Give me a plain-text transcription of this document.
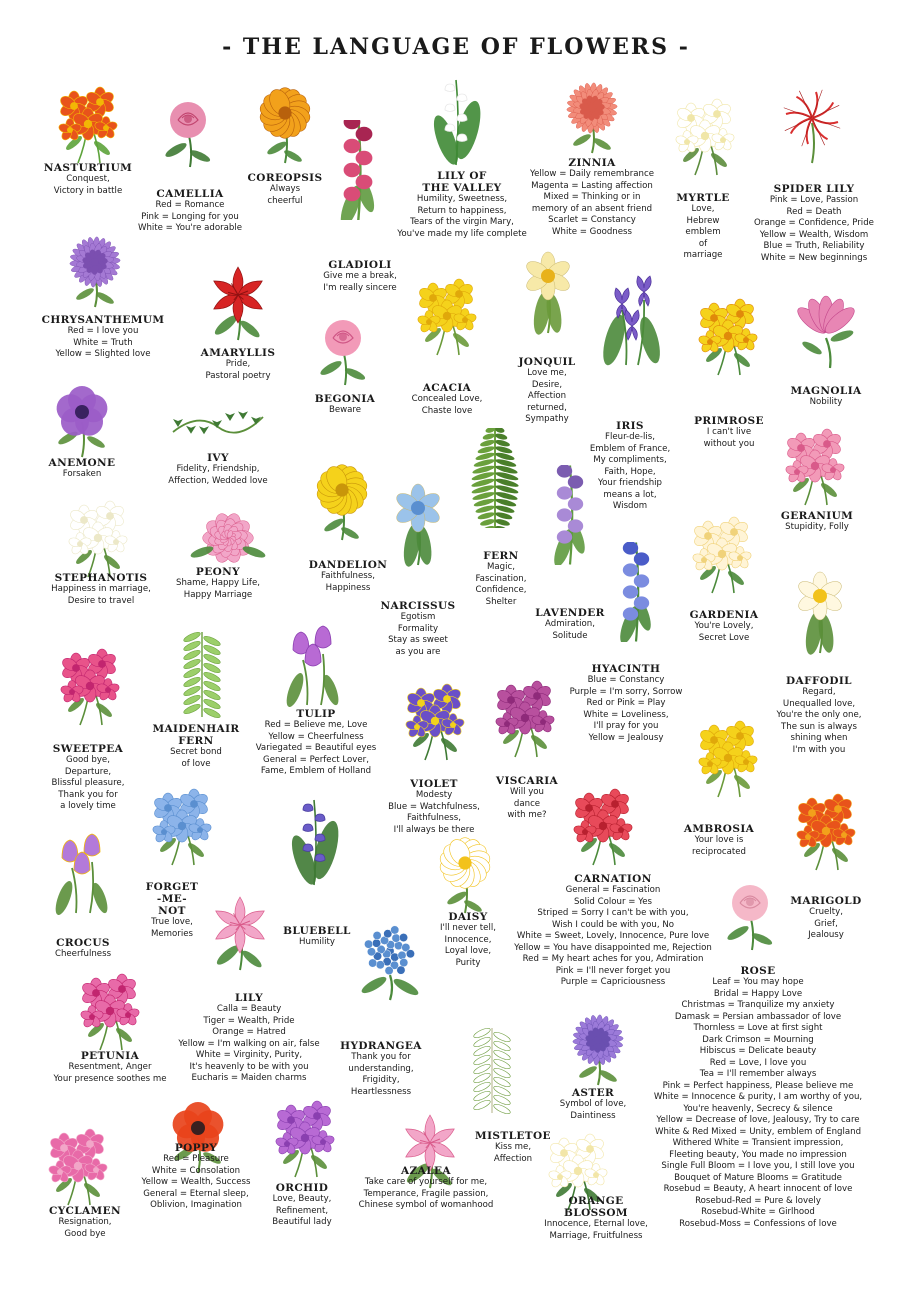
- THE LANGUAGE OF FLOWERS -
NASTURTIUM
Conquest,
Victory in battle	CAMELLIA
Red = Romance
Pink = Longing for you
White = You're adorable
COREOPSIS
Always
cheerful
GLADIOLI
Give me a break,
I'm really sincere
LILY OF
THE VALLEY
Humility, Sweetness,
Return to happiness,
Tears of the virgin Mary,
You've made my life complete
ZINNIA
Yellow = Daily remembrance
Magenta = Lasting affection
Mixed = Thinking or in
memory of an absent friend
Scarlet = Constancy
White = Goodness
MYRTLE
Love,
Hebrew
emblem
of
marriage
SPIDER LILY
Pink = Love, Passion
Red = Death
Orange = Confidence, Pride
Yellow = Wealth, Wisdom
Blue = Truth, Reliability
White = New beginnings
CHRYSANTHEMUM
Red = I love you
White = Truth
Yellow = Slighted love	AMARYLLIS
Pride,
Pastoral poetry
BEGONIA
Beware
ACACIA
Concealed Love,
Chaste love
JONQUIL
Love me,
Desire,
Affection
returned,
Sympathy
IRIS
Fleur-de-lis,
Emblem of France,
My compliments,
Faith, Hope,
Your friendship
means a lot,
Wisdom
PRIMROSE
I can't live
without you
MAGNOLIA
Nobility
ANEMONE
Forsaken
IVY
Fidelity, Friendship,
Affection, Wedded love
DANDELION
Faithfulness,
Happiness
NARCISSUS
Egotism
Formality
Stay as sweet
as you are
FERN
Magic,
Fascination,
Confidence,
Shelter
LAVENDER
Admiration,
Solitude
GARDENIA
You're Lovely,
Secret Love
GERANIUM
Stupidity, Folly
STEPHANOTIS
Happiness in marriage,
Desire to travel
PEONY
Shame, Happy Life,
Happy Marriage
HYACINTH
Blue = Constancy
Purple = I'm sorry, Sorrow
Red or Pink = Play
White = Loveliness,
I'll pray for you
Yellow = Jealousy
DAFFODIL
Regard,
Unequalled love,
You're the only one,
The sun is always
shining when
I'm with you
SWEETPEA
Good bye,
Departure,
Blissful pleasure,
Thank you for
a lovely time
MAIDENHAIR
FERN
Secret bond
of love
TULIP
Red = Believe me, Love
Yellow = Cheerfulness
Variegated = Beautiful eyes
General = Perfect Lover,
Fame, Emblem of Holland
VIOLET
Modesty
Blue = Watchfulness,
Faithfulness,
I'll always be there
VISCARIA
Will you
dance
with me?
AMBROSIA
Your love is
reciprocated
FORGET
-ME-
NOT
True love,
Memories
CROCUS
Cheerfulness
BLUEBELL
Humility
DAISY
I'll never tell,
Innocence,
Loyal love,
Purity
CARNATION
General = Fascination
Solid Colour = Yes
Striped = Sorry I can't be with you,
Wish I could be with you, No
White = Sweet, Lovely, Innocence, Pure love
Yellow = You have disappointed me, Rejection
Red = My heart aches for you, Admiration
Pink = I'll never forget you
Purple = Capriciousness
MARIGOLD
Cruelty,
Grief,
Jealousy
LILY
Calla = Beauty
Tiger = Wealth, Pride
Orange = Hatred
Yellow = I'm walking on air, false
White = Virginity, Purity,
It's heavenly to be with you
Eucharis = Maiden charms
PETUNIA
Resentment, Anger
Your presence soothes me
HYDRANGEA
Thank you for
understanding,
Frigidity,
Heartlessness	ASTER
Symbol of love,
Daintiness
ROSE
Leaf = You may hope
Bridal = Happy Love
Christmas = Tranquilize my anxiety
Damask = Persian ambassador of love
Thornless = Love at first sight
Dark Crimson = Mourning
Hibiscus = Delicate beauty
Red = Love, I love you
Tea = I'll remember always
Pink = Perfect happiness, Please believe me
White = Innocence & purity, I am worthy of you,
You're heavenly, Secrecy & silence
Yellow = Decrease of love, Jealousy, Try to care
White & Red Mixed = Unity, emblem of England
Withered White = Transient impression,
Fleeting beauty, You made no impression
Single Full Bloom = I love you, I still love you
Bouquet of Mature Blooms = Gratitude
Rosebud = Beauty, A heart innocent of love
Rosebud-Red = Pure & lovely
Rosebud-White = Girlhood
Rosebud-Moss = Confessions of love
MISTLETOE
Kiss me,
Affection
CYCLAMEN
Resignation,
Good bye
POPPY
Red = Pleasure
White = Consolation
Yellow = Wealth, Success
General = Eternal sleep,
Oblivion, Imagination
ORCHID
Love, Beauty,
Refinement,
Beautiful lady
AZALEA
Take care of yourself for me,
Temperance, Fragile passion,
Chinese symbol of womanhood	ORANGE
BLOSSOM
Innocence, Eternal love,
Marriage, Fruitfulness
